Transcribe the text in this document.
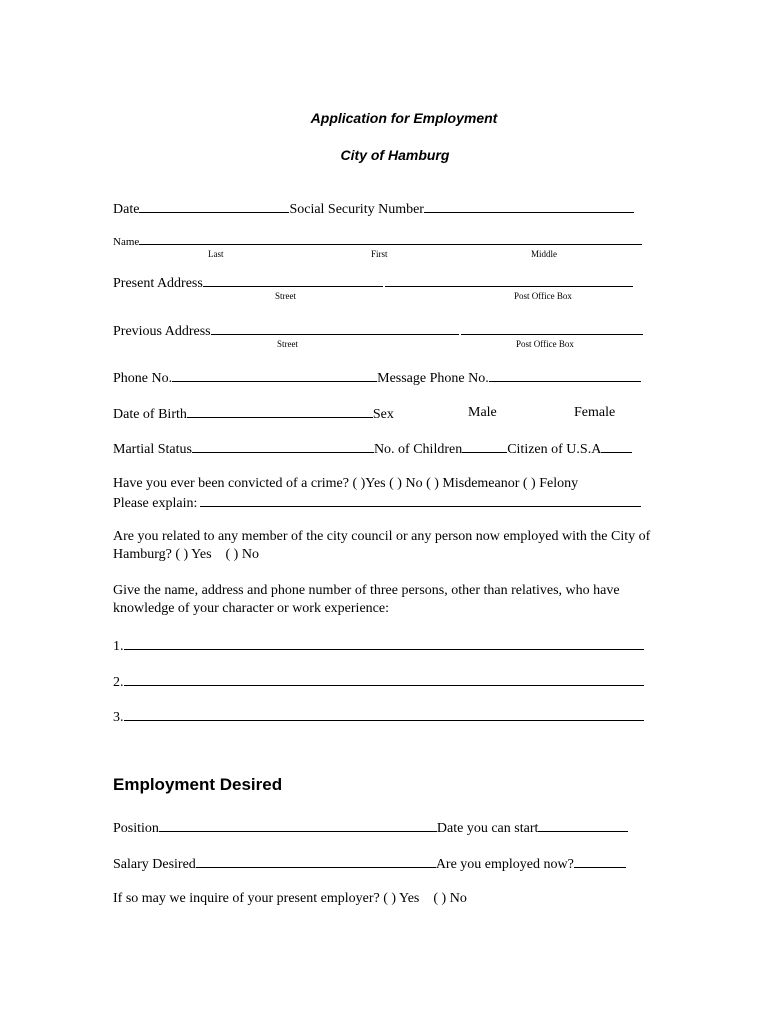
Application for Employment
City of Hamburg
Date	Social Security Number
Name
Last	First	Middle
Present Address
Street	Post Office Box
Previous Address
Street	Post Office Box
Phone No.	Message Phone No.
Date of Birth	Sex	Male	Female
Martial Status	No. of Children	Citizen of U.S.A
Have you ever been convicted of a crime? ( )Yes ( ) No ( ) Misdemeanor ( ) Felony
Please explain:
Are you related to any member of the city council or any person now employed with the City of Hamburg? ( ) Yes    ( ) No
Give the name, address and phone number of three persons, other than relatives, who have knowledge of your character or work experience:
1.
2.
3.
Employment Desired
Position	Date you can start
Salary Desired	Are you employed now?
If so may we inquire of your present employer? ( ) Yes    ( ) No
